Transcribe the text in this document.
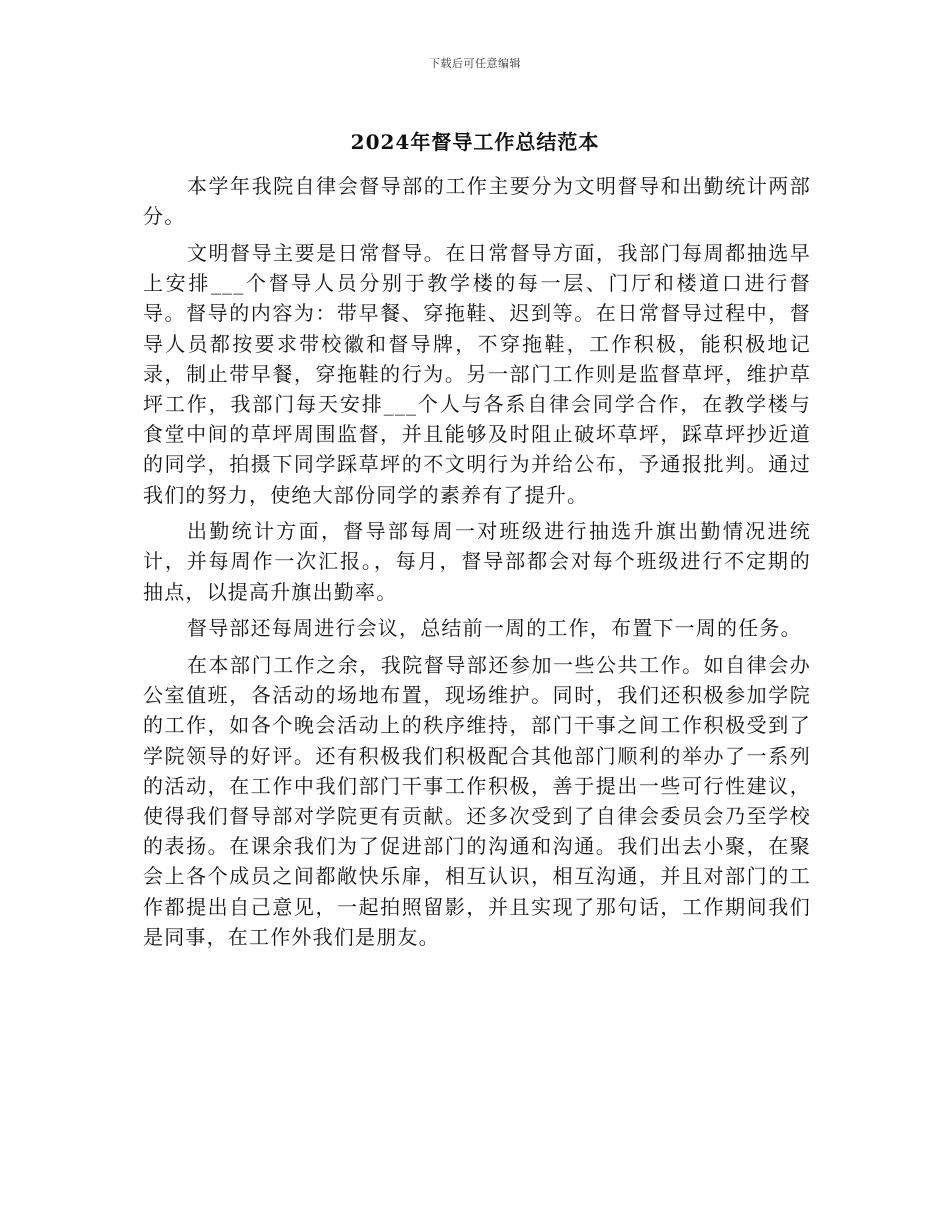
下载后可任意编辑
2024年督导工作总结范本

本学年我院自律会督导部的工作主要分为文明督导和出勤统计两部分。

文明督导主要是日常督导。在日常督导方面，我部门每周都抽选早上安排___个督导人员分别于教学楼的每一层、门厅和楼道口进行督导。督导的内容为：带早餐、穿拖鞋、迟到等。在日常督导过程中，督导人员都按要求带校徽和督导牌，不穿拖鞋，工作积极，能积极地记录，制止带早餐，穿拖鞋的行为。另一部门工作则是监督草坪，维护草坪工作，我部门每天安排___个人与各系自律会同学合作，在教学楼与食堂中间的草坪周围监督，并且能够及时阻止破坏草坪，踩草坪抄近道的同学，拍摄下同学踩草坪的不文明行为并给公布，予通报批判。通过我们的努力，使绝大部份同学的素养有了提升。

出勤统计方面，督导部每周一对班级进行抽选升旗出勤情况进统计，并每周作一次汇报。，每月，督导部都会对每个班级进行不定期的抽点，以提高升旗出勤率。

督导部还每周进行会议，总结前一周的工作，布置下一周的任务。

在本部门工作之余，我院督导部还参加一些公共工作。如自律会办公室值班，各活动的场地布置，现场维护。同时，我们还积极参加学院的工作，如各个晚会活动上的秩序维持，部门干事之间工作积极受到了学院领导的好评。还有积极我们积极配合其他部门顺利的举办了一系列的活动，在工作中我们部门干事工作积极，善于提出一些可行性建议，使得我们督导部对学院更有贡献。还多次受到了自律会委员会乃至学校的表扬。在课余我们为了促进部门的沟通和沟通。我们出去小聚，在聚会上各个成员之间都敞快乐扉，相互认识，相互沟通，并且对部门的工作都提出自己意见，一起拍照留影，并且实现了那句话，工作期间我们是同事，在工作外我们是朋友。
